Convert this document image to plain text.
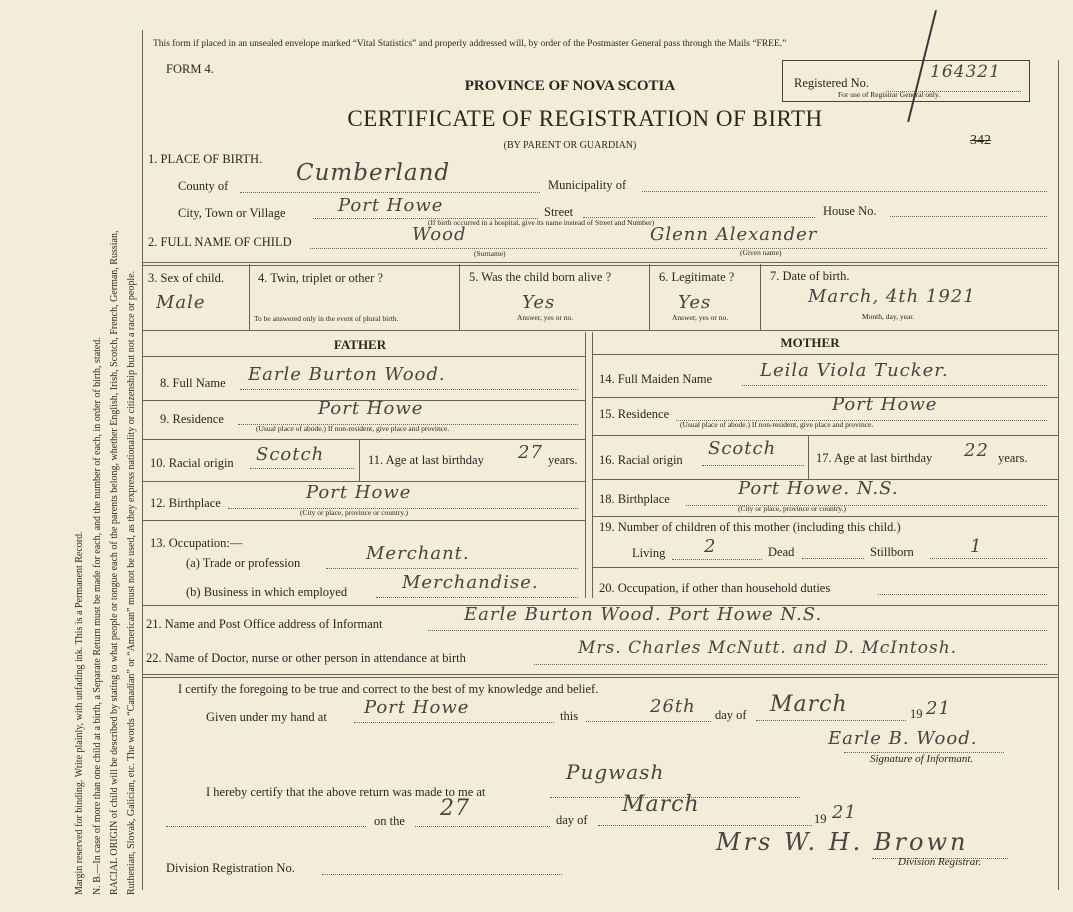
Margin reserved for binding. Write plainly, with unfading ink. This is a Permanent Record. N. B.—In case of more than one child at a birth, a Separate Return must be made for each, and the number of each, in order of birth, stated. RACIAL ORIGIN of child will be described by stating to what people or tongue each of the parents belong, whether English, Irish, Scotch, French, German, Russian, Ruthenian, Slovak, Galician, etc. The words “Canadian” or “American” must not be used, as they express nationality or citizenship but not a race or people.
This form if placed in an unsealed envelope marked “Vital Statistics” and properly addressed will, by order of the Postmaster General pass through the Mails “FREE.”
FORM 4.
PROVINCE OF NOVA SCOTIA
CERTIFICATE OF REGISTRATION OF BIRTH
(BY PARENT OR GUARDIAN)
Registered No.
164321
For use of Registrar General only.
342
1. PLACE OF BIRTH.
County of	Cumberland	Municipality of
City, Town or Village	Port Howe	Street
(If birth occurred in a hospital, give its name instead of Street and Number)
House No.
2. FULL NAME OF CHILD	Wood	Glenn Alexander
(Surname)	(Given name)
3. Sex of child.
Male
4. Twin, triplet or other ?
To be answered only in the event of plural birth.
5. Was the child born alive ?
Yes
Answer, yes or no.
6. Legitimate ?
Yes
Answer, yes or no.
7. Date of birth.
March, 4th 1921
Month, day, year.
FATHER	MOTHER
8. Full Name Earle Burton Wood.
9. Residence	Port Howe
(Usual place of abode.) If non-resident, give place and province.
10. Racial origin Scotch	11. Age at last birthday 27 years.
12. Birthplace	Port Howe
(City or place, province or country.)
13. Occupation:—
(a) Trade or profession	Merchant.
(b) Business in which employed	Merchandise.
14. Full Maiden Name	Leila Viola Tucker.
15. Residence	Port Howe
(Usual place of abode.) If non-resident, give place and province.
16. Racial origin
Scotch	17. Age at last birthday 22 years.
18. Birthplace	Port Howe. N.S.
(City or place, province or country.)
19. Number of children of this mother (including this child.)
Living 2	Dead	Stillborn	1
20. Occupation, if other than household duties
21. Name and Post Office address of Informant	Earle Burton Wood. Port Howe N.S.
22. Name of Doctor, nurse or other person in attendance at birth	Mrs. Charles McNutt. and D. McIntosh.
I certify the foregoing to be true and correct to the best of my knowledge and belief.
Given under my hand at Port Howe	this	26th day of March	19 21
Earle B. Wood.
Signature of Informant.
I hereby certify that the above return was made to me at
Pugwash
on the 27	day of
March
19 21
Mrs W. H. Brown
Division Registrar.
Division Registration No.
